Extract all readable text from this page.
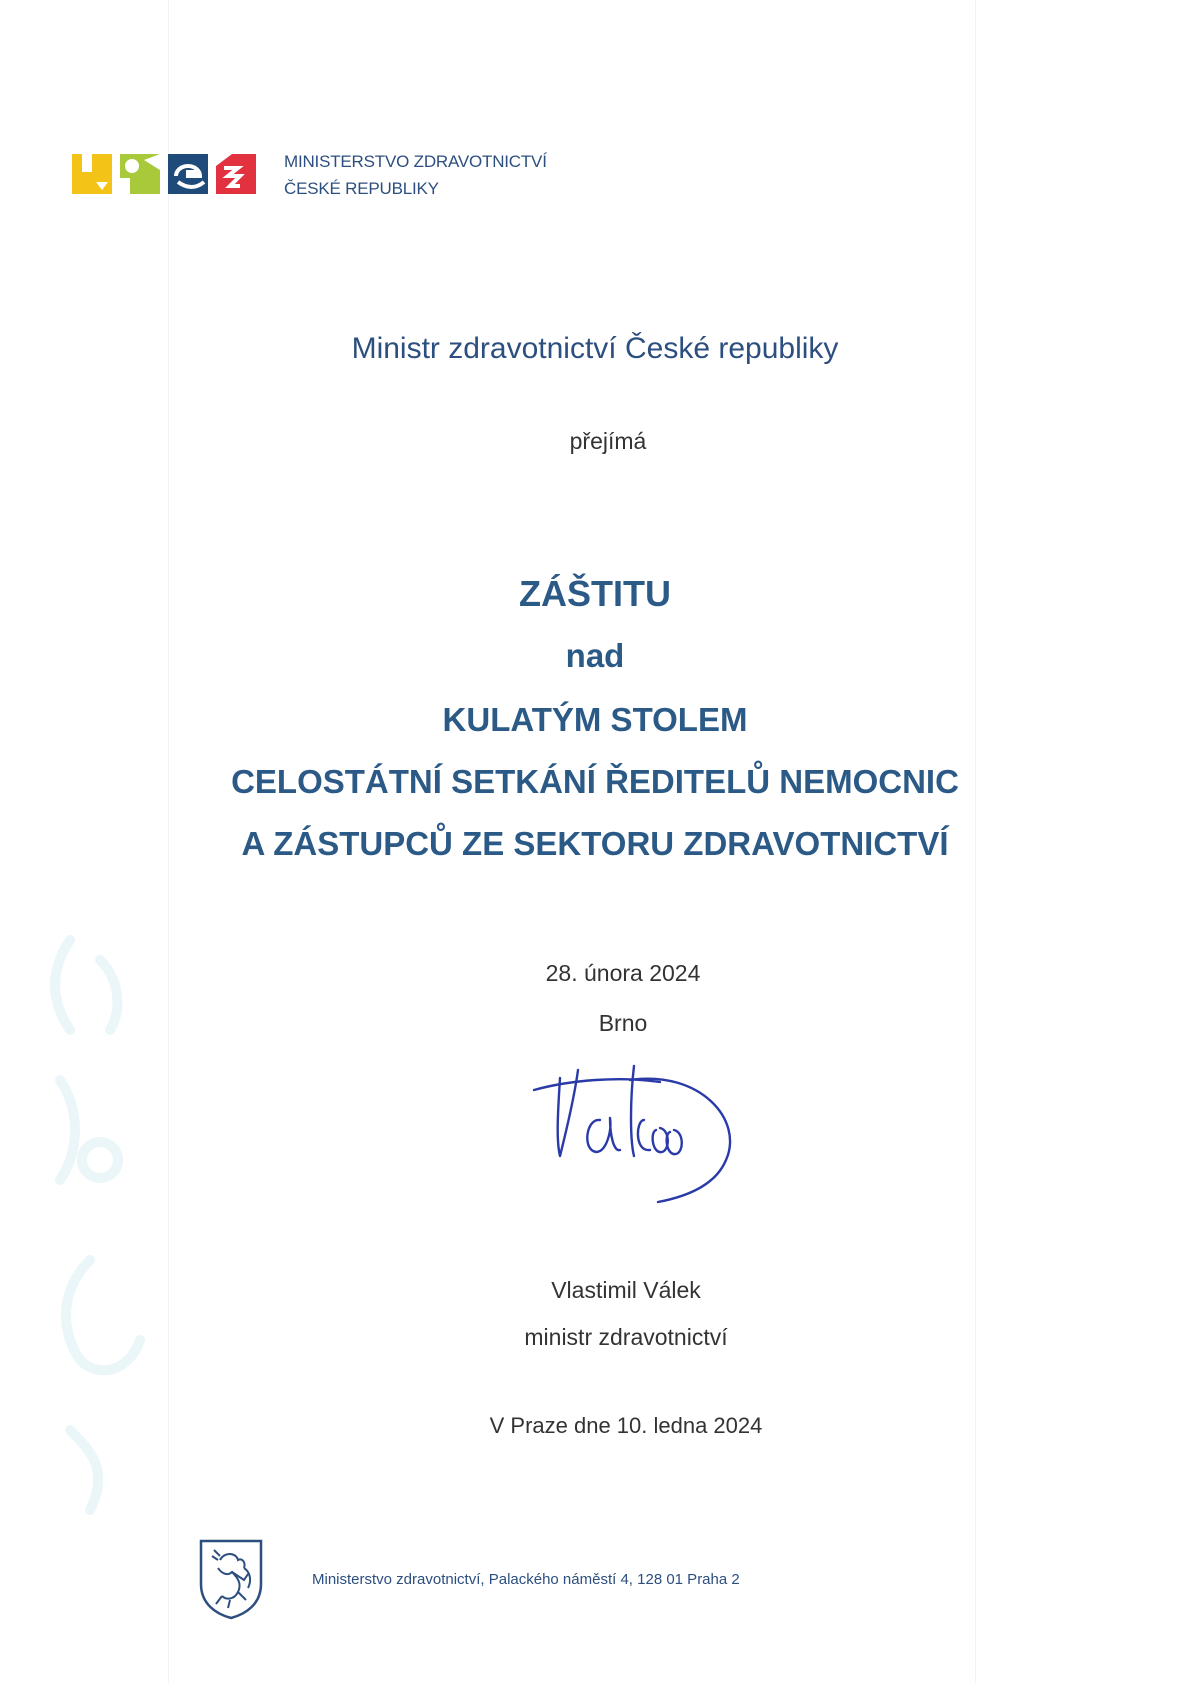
MINISTERSTVO ZDRAVOTNICTVÍ
ČESKÉ REPUBLIKY
Ministr zdravotnictví České republiky
přejímá
ZÁŠTITU
nad
KULATÝM STOLEM
CELOSTÁTNÍ SETKÁNÍ ŘEDITELŮ NEMOCNIC
A ZÁSTUPCŮ ZE SEKTORU ZDRAVOTNICTVÍ
28. února 2024
Brno
Vlastimil Válek
ministr zdravotnictví
V Praze dne 10. ledna 2024
Ministerstvo zdravotnictví, Palackého náměstí 4, 128 01 Praha 2
